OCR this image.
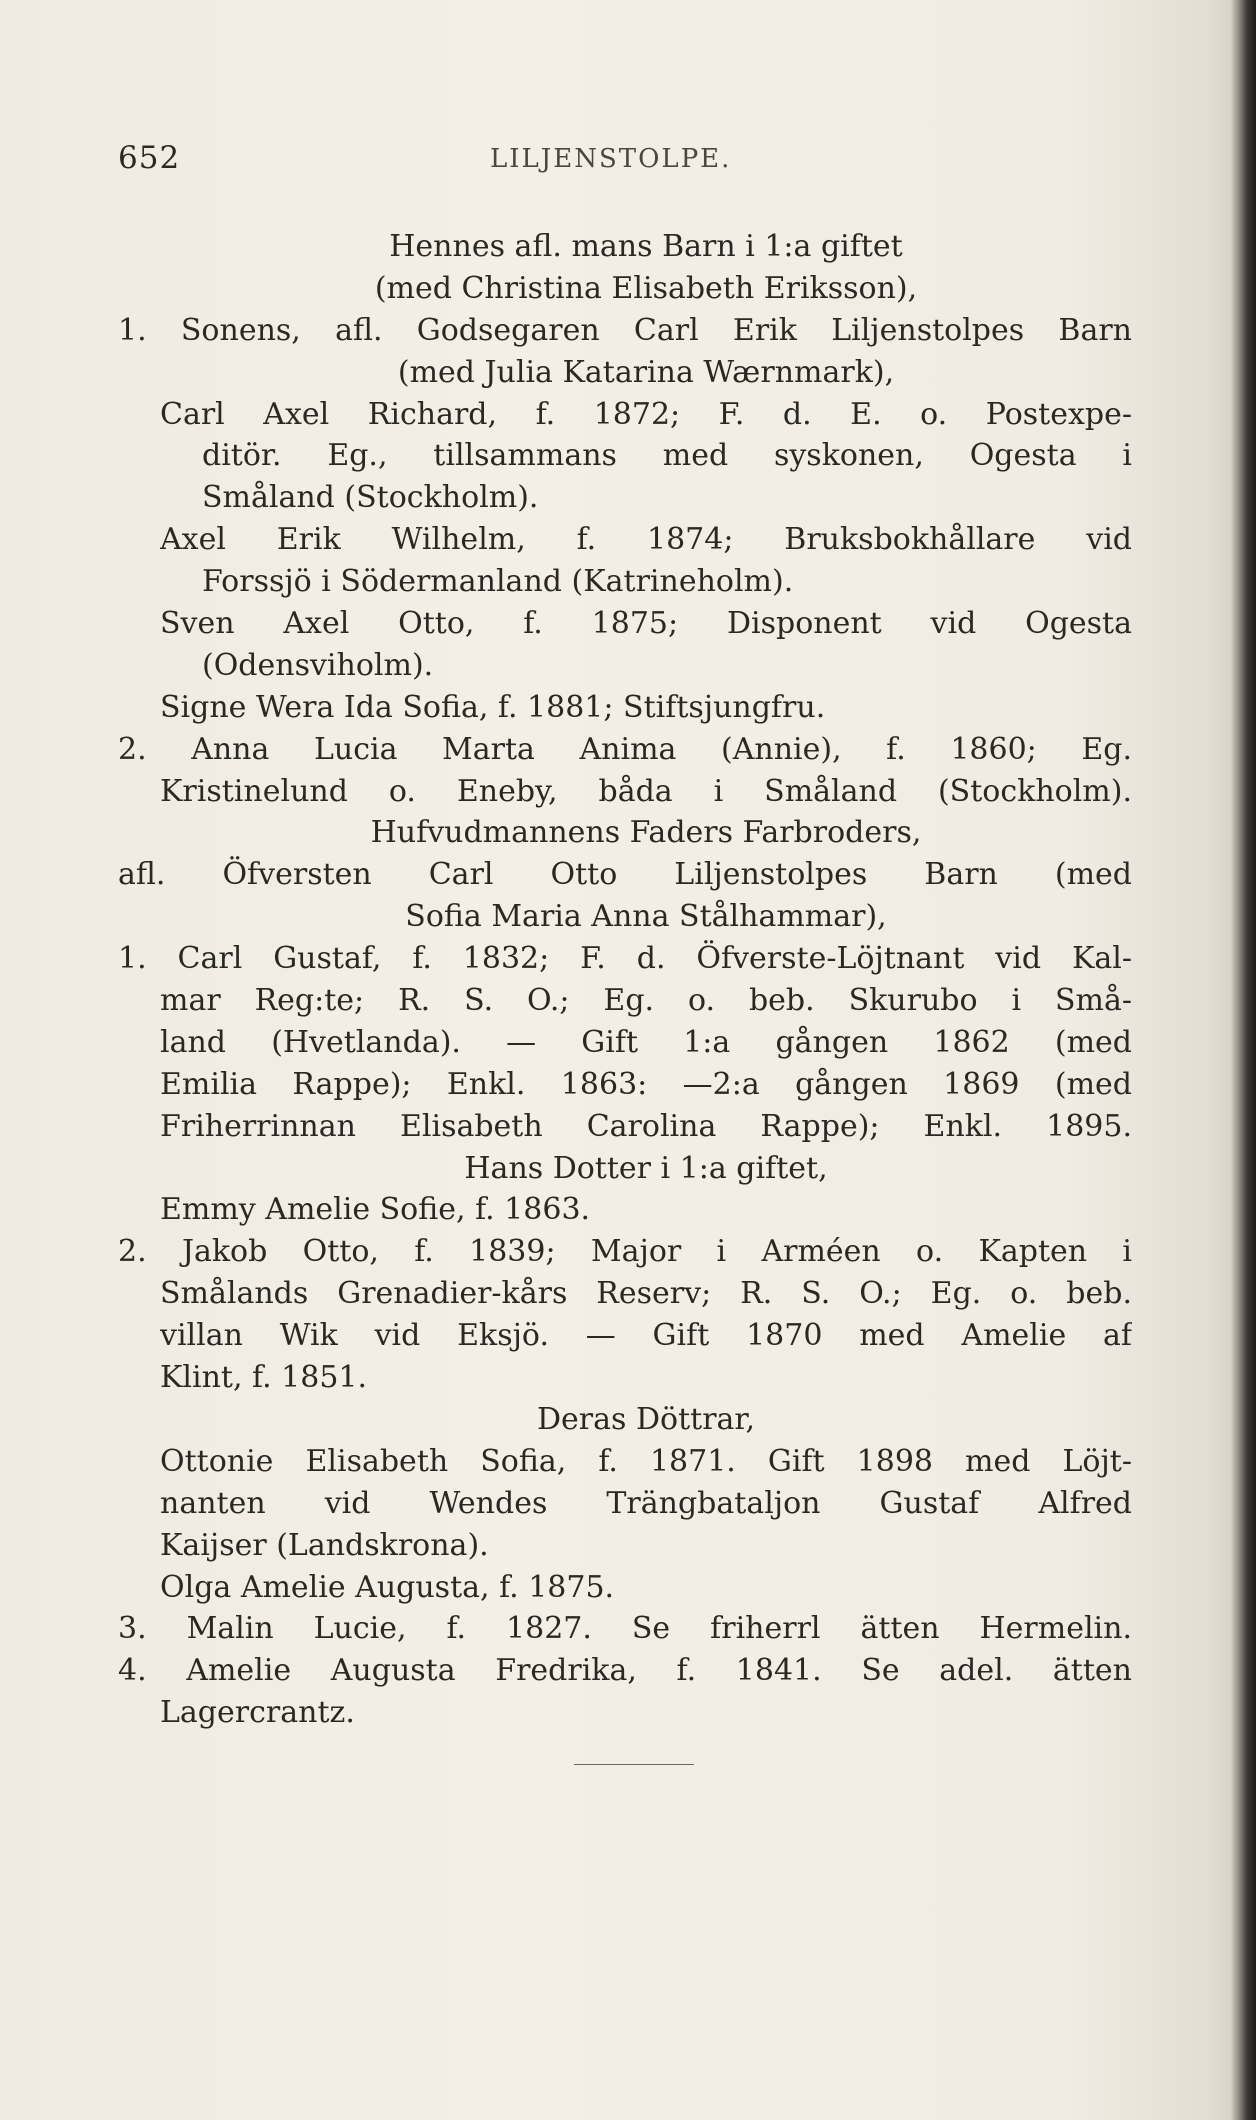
652	LILJENSTOLPE.
Hennes afl. mans Barn i 1:a giftet
(med Christina Elisabeth Eriksson),
1. Sonens, afl. Godsegaren Carl Erik Liljenstolpes Barn
(med Julia Katarina Wærnmark),
Carl Axel Richard, f. 1872; F. d. E. o. Postexpe-
ditör. Eg., tillsammans med syskonen, Ogesta i
Småland (Stockholm).
Axel Erik Wilhelm, f. 1874; Bruksbokhållare vid
Forssjö i Södermanland (Katrineholm).
Sven Axel Otto, f. 1875; Disponent vid Ogesta
(Odensviholm).
Signe Wera Ida Sofia, f. 1881; Stiftsjungfru.
2. Anna Lucia Marta Anima (Annie), f. 1860; Eg.
Kristinelund o. Eneby, båda i Småland (Stockholm).
Hufvudmannens Faders Farbroders,
afl. Öfversten Carl Otto Liljenstolpes Barn (med
Sofia Maria Anna Stålhammar),
1. Carl Gustaf, f. 1832; F. d. Öfverste-Löjtnant vid Kal-
mar Reg:te; R. S. O.; Eg. o. beb. Skurubo i Små-
land (Hvetlanda). — Gift 1:a gången 1862 (med
Emilia Rappe); Enkl. 1863: —2:a gången 1869 (med
Friherrinnan Elisabeth Carolina Rappe); Enkl. 1895.
Hans Dotter i 1:a giftet,
Emmy Amelie Sofie, f. 1863.
2. Jakob Otto, f. 1839; Major i Arméen o. Kapten i
Smålands Grenadier-kårs Reserv; R. S. O.; Eg. o. beb.
villan Wik vid Eksjö. — Gift 1870 med Amelie af
Klint, f. 1851.
Deras Döttrar,
Ottonie Elisabeth Sofia, f. 1871. Gift 1898 med Löjt-
nanten vid Wendes Trängbataljon Gustaf Alfred
Kaijser (Landskrona).
Olga Amelie Augusta, f. 1875.
3. Malin Lucie, f. 1827. Se friherrl ätten Hermelin.
4. Amelie Augusta Fredrika, f. 1841. Se adel. ätten
Lagercrantz.
